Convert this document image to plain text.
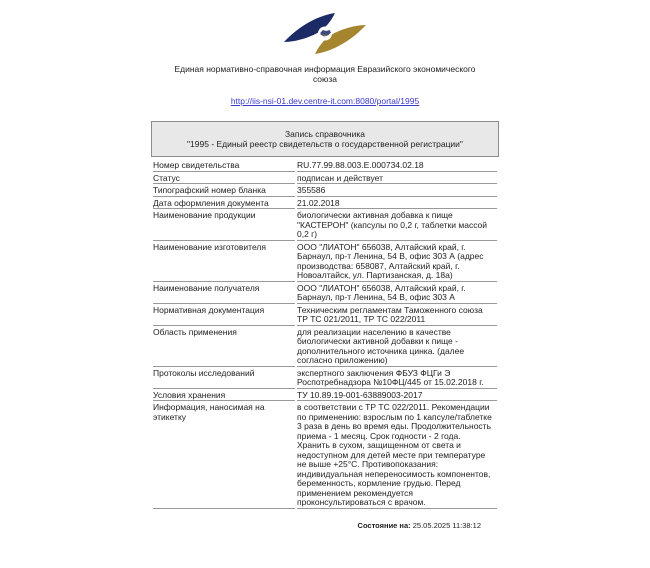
Единая нормативно-справочная информация Евразийского экономического союза
http://iis-nsi-01.dev.centre-it.com:8080/portal/1995
Запись справочника
"1995 - Единый реестр свидетельств о государственной регистрации"
Номер свидетельства	RU.77.99.88.003.E.000734.02.18
Статус	подписан и действует
Типографский номер бланка	355586
Дата оформления документа	21.02.2018
Наименование продукции	биологически активная добавка к пище "КАСТЕРОН" (капсулы по 0,2 г, таблетки массой 0,2 г)
Наименование изготовителя	ООО "ЛИАТОН" 656038, Алтайский край, г. Барнаул, пр-т Ленина, 54 В, офис 303 А (адрес производства: 658087, Алтайский край, г. Новоалтайск, ул. Партизанская, д. 18а)
Наименование получателя	ООО "ЛИАТОН" 656038, Алтайский край, г. Барнаул, пр-т Ленина, 54 В, офис 303 А
Нормативная документация	Техническим регламентам Таможенного союза ТР ТС 021/2011, ТР ТС 022/2011
Область применения	для реализации населению в качестве биологически активной добавки к пище - дополнительного источника цинка. (далее согласно приложению)
Протоколы исследований	экспертного заключения ФБУЗ ФЦГи Э Роспотребнадзора №10ФЦ/445 от 15.02.2018 г.
Условия хранения	ТУ 10.89.19-001-63889003-2017
Информация, наносимая на этикетку	в соответствии с ТР ТС 022/2011. Рекомендации по применению: взрослым по 1 капсуле/таблетке 3 раза в день во время еды. Продолжительность приема - 1 месяц. Срок годности - 2 года. Хранить в сухом, защищенном от света и недоступном для детей месте при температуре не выше +25°С. Противопоказания: индивидуальная непереносимость компонентов, беременность, кормление грудью. Перед применением рекомендуется проконсультироваться с врачом.
Состояние на: 25.05.2025 11:38:12
